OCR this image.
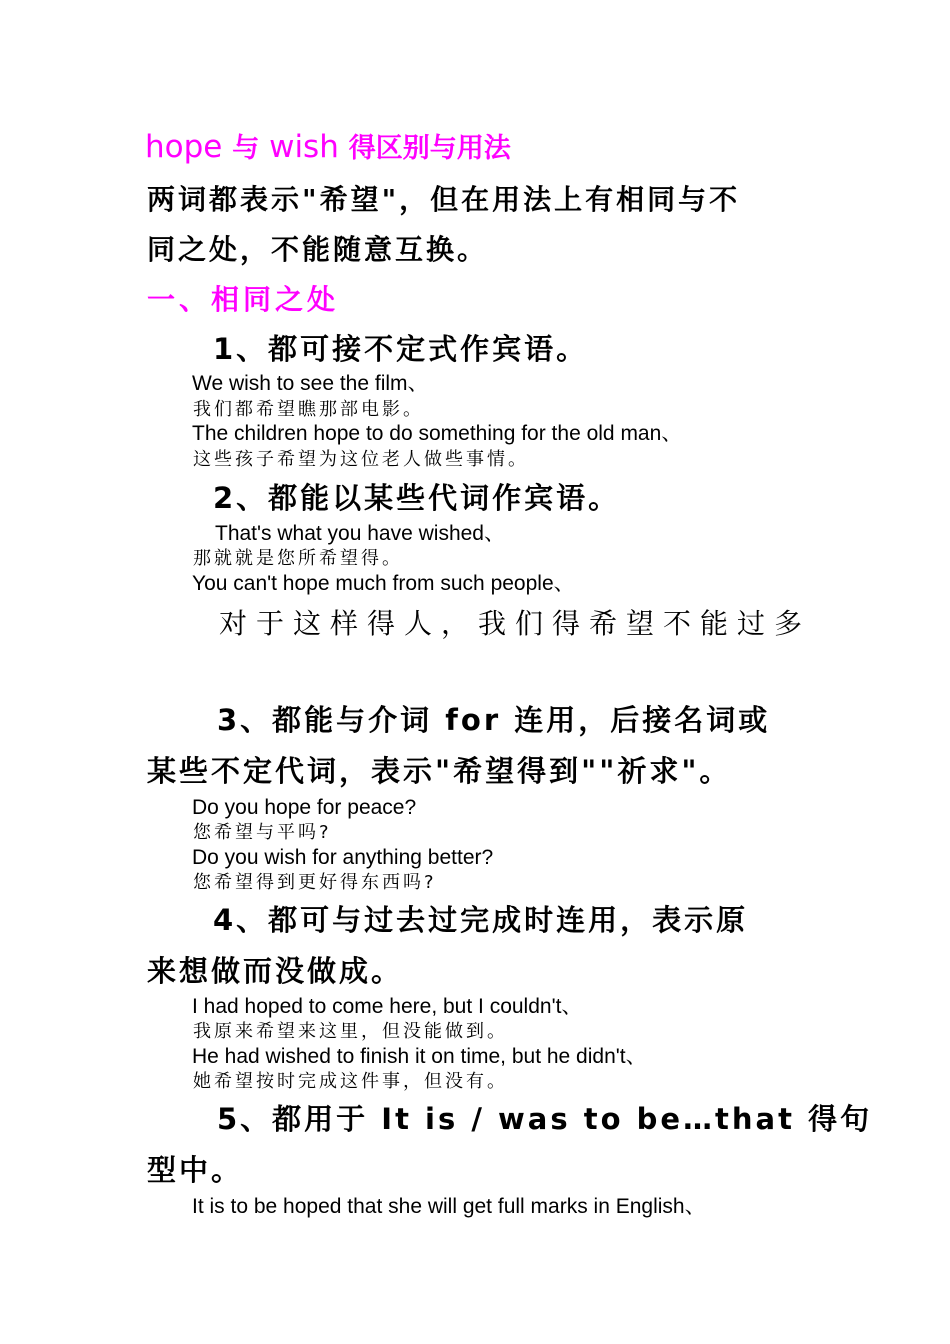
hope 与 wish 得区别与用法

两词都表示"希望"，但在用法上有相同与不

同之处，不能随意互换。

一、相同之处

1、都可接不定式作宾语。

We wish to see the film、

我们都希望瞧那部电影。

The children hope to do something for the old man、

这些孩子希望为这位老人做些事情。

2、都能以某些代词作宾语。

That's what you have wished、

那就就是您所希望得。

You can't hope much from such people、

对于这样得人，我们得希望不能过多

3、都能与介词 for 连用，后接名词或

某些不定代词，表示"希望得到""祈求"。

Do you hope for peace?

您希望与平吗?

Do you wish for anything better?

您希望得到更好得东西吗?

4、都可与过去过完成时连用，表示原

来想做而没做成。

I had hoped to come here, but I couldn't、

我原来希望来这里，但没能做到。

He had wished to finish it on time, but he didn't、

她希望按时完成这件事，但没有。

5、都用于 It is / was to be…that 得句

型中。

It is to be hoped that she will get full marks in English、
